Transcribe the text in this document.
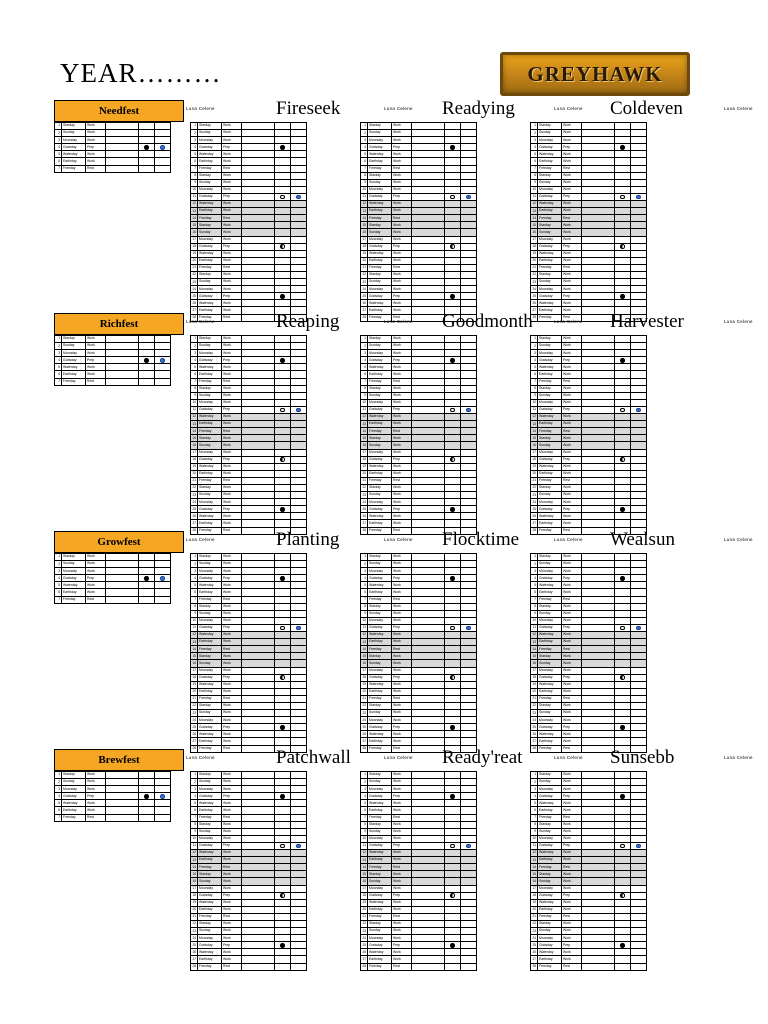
YEAR………	GREYHAWK
Needfest	Luna Celene	Fireseek	Luna Celene Readying	Luna Celene Coldeven	Luna Celene
1	Starday	Work			
2	Sunday	Work			
3	Moonday	Work			
4	Godsday	Prep			
5	Waterday	Work			
6	Earthday	Work			
7	Freeday	Rest			
1	Starday	Work			
2	Sunday	Work			
3	Moonday	Work			
4	Godsday	Prep			
5	Waterday	Work			
6	Earthday	Work			
7	Freeday	Rest			
8	Starday	Work			
9	Sunday	Work			
10	Moonday	Work			
11	Godsday	Prep			
12	Waterday	Work			
13	Earthday	Work			
14	Freeday	Rest			
15	Starday	Work			
16	Sunday	Work			
17	Moonday	Work			
18	Godsday	Prep			
19	Waterday	Work			
20	Earthday	Work			
21	Freeday	Rest			
22	Starday	Work			
23	Sunday	Work			
24	Moonday	Work			
25	Godsday	Prep			
26	Waterday	Work			
27	Earthday	Work			
28	Freeday	Rest			
1	Starday	Work			
2	Sunday	Work			
3	Moonday	Work			
4	Godsday	Prep			
5	Waterday	Work			
6	Earthday	Work			
7	Freeday	Rest			
8	Starday	Work			
9	Sunday	Work			
10	Moonday	Work			
11	Godsday	Prep			
12	Waterday	Work			
13	Earthday	Work			
14	Freeday	Rest			
15	Starday	Work			
16	Sunday	Work			
17	Moonday	Work			
18	Godsday	Prep			
19	Waterday	Work			
20	Earthday	Work			
21	Freeday	Rest			
22	Starday	Work			
23	Sunday	Work			
24	Moonday	Work			
25	Godsday	Prep			
26	Waterday	Work			
27	Earthday	Work			
28	Freeday	Rest			
1	Starday	Work			
2	Sunday	Work			
3	Moonday	Work			
4	Godsday	Prep			
5	Waterday	Work			
6	Earthday	Work			
7	Freeday	Rest			
8	Starday	Work			
9	Sunday	Work			
10	Moonday	Work			
11	Godsday	Prep			
12	Waterday	Work			
13	Earthday	Work			
14	Freeday	Rest			
15	Starday	Work			
16	Sunday	Work			
17	Moonday	Work			
18	Godsday	Prep			
19	Waterday	Work			
20	Earthday	Work			
21	Freeday	Rest			
22	Starday	Work			
23	Sunday	Work			
24	Moonday	Work			
25	Godsday	Prep			
26	Waterday	Work			
27	Earthday	Work			
28	Freeday	Rest			
Richfest	Luna Celene	Reaping	Luna Celene Goodmonth	Luna Celene Harvester	Luna Celene
1	Starday	Work			
2	Sunday	Work			
3	Moonday	Work			
4	Godsday	Prep			
5	Waterday	Work			
6	Earthday	Work			
7	Freeday	Rest			
1	Starday	Work			
2	Sunday	Work			
3	Moonday	Work			
4	Godsday	Prep			
5	Waterday	Work			
6	Earthday	Work			
7	Freeday	Rest			
8	Starday	Work			
9	Sunday	Work			
10	Moonday	Work			
11	Godsday	Prep			
12	Waterday	Work			
13	Earthday	Work			
14	Freeday	Rest			
15	Starday	Work			
16	Sunday	Work			
17	Moonday	Work			
18	Godsday	Prep			
19	Waterday	Work			
20	Earthday	Work			
21	Freeday	Rest			
22	Starday	Work			
23	Sunday	Work			
24	Moonday	Work			
25	Godsday	Prep			
26	Waterday	Work			
27	Earthday	Work			
28	Freeday	Rest			
1	Starday	Work			
2	Sunday	Work			
3	Moonday	Work			
4	Godsday	Prep			
5	Waterday	Work			
6	Earthday	Work			
7	Freeday	Rest			
8	Starday	Work			
9	Sunday	Work			
10	Moonday	Work			
11	Godsday	Prep			
12	Waterday	Work			
13	Earthday	Work			
14	Freeday	Rest			
15	Starday	Work			
16	Sunday	Work			
17	Moonday	Work			
18	Godsday	Prep			
19	Waterday	Work			
20	Earthday	Work			
21	Freeday	Rest			
22	Starday	Work			
23	Sunday	Work			
24	Moonday	Work			
25	Godsday	Prep			
26	Waterday	Work			
27	Earthday	Work			
28	Freeday	Rest			
1	Starday	Work			
2	Sunday	Work			
3	Moonday	Work			
4	Godsday	Prep			
5	Waterday	Work			
6	Earthday	Work			
7	Freeday	Rest			
8	Starday	Work			
9	Sunday	Work			
10	Moonday	Work			
11	Godsday	Prep			
12	Waterday	Work			
13	Earthday	Work			
14	Freeday	Rest			
15	Starday	Work			
16	Sunday	Work			
17	Moonday	Work			
18	Godsday	Prep			
19	Waterday	Work			
20	Earthday	Work			
21	Freeday	Rest			
22	Starday	Work			
23	Sunday	Work			
24	Moonday	Work			
25	Godsday	Prep			
26	Waterday	Work			
27	Earthday	Work			
28	Freeday	Rest			
Growfest	Luna Celene	Planting	Luna Celene Flocktime	Luna Celene Wealsun	Luna Celene
1	Starday	Work			
2	Sunday	Work			
3	Moonday	Work			
4	Godsday	Prep			
5	Waterday	Work			
6	Earthday	Work			
7	Freeday	Rest			
1	Starday	Work			
2	Sunday	Work			
3	Moonday	Work			
4	Godsday	Prep			
5	Waterday	Work			
6	Earthday	Work			
7	Freeday	Rest			
8	Starday	Work			
9	Sunday	Work			
10	Moonday	Work			
11	Godsday	Prep			
12	Waterday	Work			
13	Earthday	Work			
14	Freeday	Rest			
15	Starday	Work			
16	Sunday	Work			
17	Moonday	Work			
18	Godsday	Prep			
19	Waterday	Work			
20	Earthday	Work			
21	Freeday	Rest			
22	Starday	Work			
23	Sunday	Work			
24	Moonday	Work			
25	Godsday	Prep			
26	Waterday	Work			
27	Earthday	Work			
28	Freeday	Rest			
1	Starday	Work			
2	Sunday	Work			
3	Moonday	Work			
4	Godsday	Prep			
5	Waterday	Work			
6	Earthday	Work			
7	Freeday	Rest			
8	Starday	Work			
9	Sunday	Work			
10	Moonday	Work			
11	Godsday	Prep			
12	Waterday	Work			
13	Earthday	Work			
14	Freeday	Rest			
15	Starday	Work			
16	Sunday	Work			
17	Moonday	Work			
18	Godsday	Prep			
19	Waterday	Work			
20	Earthday	Work			
21	Freeday	Rest			
22	Starday	Work			
23	Sunday	Work			
24	Moonday	Work			
25	Godsday	Prep			
26	Waterday	Work			
27	Earthday	Work			
28	Freeday	Rest			
1	Starday	Work			
2	Sunday	Work			
3	Moonday	Work			
4	Godsday	Prep			
5	Waterday	Work			
6	Earthday	Work			
7	Freeday	Rest			
8	Starday	Work			
9	Sunday	Work			
10	Moonday	Work			
11	Godsday	Prep			
12	Waterday	Work			
13	Earthday	Work			
14	Freeday	Rest			
15	Starday	Work			
16	Sunday	Work			
17	Moonday	Work			
18	Godsday	Prep			
19	Waterday	Work			
20	Earthday	Work			
21	Freeday	Rest			
22	Starday	Work			
23	Sunday	Work			
24	Moonday	Work			
25	Godsday	Prep			
26	Waterday	Work			
27	Earthday	Work			
28	Freeday	Rest			
Brewfest	Luna Celene	Patchwall	Luna Celene Ready'reat	Luna Celene Sunsebb	Luna Celene
1	Starday	Work			
2	Sunday	Work			
3	Moonday	Work			
4	Godsday	Prep			
5	Waterday	Work			
6	Earthday	Work			
7	Freeday	Rest			
1	Starday	Work			
2	Sunday	Work			
3	Moonday	Work			
4	Godsday	Prep			
5	Waterday	Work			
6	Earthday	Work			
7	Freeday	Rest			
8	Starday	Work			
9	Sunday	Work			
10	Moonday	Work			
11	Godsday	Prep			
12	Waterday	Work			
13	Earthday	Work			
14	Freeday	Rest			
15	Starday	Work			
16	Sunday	Work			
17	Moonday	Work			
18	Godsday	Prep			
19	Waterday	Work			
20	Earthday	Work			
21	Freeday	Rest			
22	Starday	Work			
23	Sunday	Work			
24	Moonday	Work			
25	Godsday	Prep			
26	Waterday	Work			
27	Earthday	Work			
28	Freeday	Rest			
1	Starday	Work			
2	Sunday	Work			
3	Moonday	Work			
4	Godsday	Prep			
5	Waterday	Work			
6	Earthday	Work			
7	Freeday	Rest			
8	Starday	Work			
9	Sunday	Work			
10	Moonday	Work			
11	Godsday	Prep			
12	Waterday	Work			
13	Earthday	Work			
14	Freeday	Rest			
15	Starday	Work			
16	Sunday	Work			
17	Moonday	Work			
18	Godsday	Prep			
19	Waterday	Work			
20	Earthday	Work			
21	Freeday	Rest			
22	Starday	Work			
23	Sunday	Work			
24	Moonday	Work			
25	Godsday	Prep			
26	Waterday	Work			
27	Earthday	Work			
28	Freeday	Rest			
1	Starday	Work			
2	Sunday	Work			
3	Moonday	Work			
4	Godsday	Prep			
5	Waterday	Work			
6	Earthday	Work			
7	Freeday	Rest			
8	Starday	Work			
9	Sunday	Work			
10	Moonday	Work			
11	Godsday	Prep			
12	Waterday	Work			
13	Earthday	Work			
14	Freeday	Rest			
15	Starday	Work			
16	Sunday	Work			
17	Moonday	Work			
18	Godsday	Prep			
19	Waterday	Work			
20	Earthday	Work			
21	Freeday	Rest			
22	Starday	Work			
23	Sunday	Work			
24	Moonday	Work			
25	Godsday	Prep			
26	Waterday	Work			
27	Earthday	Work			
28	Freeday	Rest			
